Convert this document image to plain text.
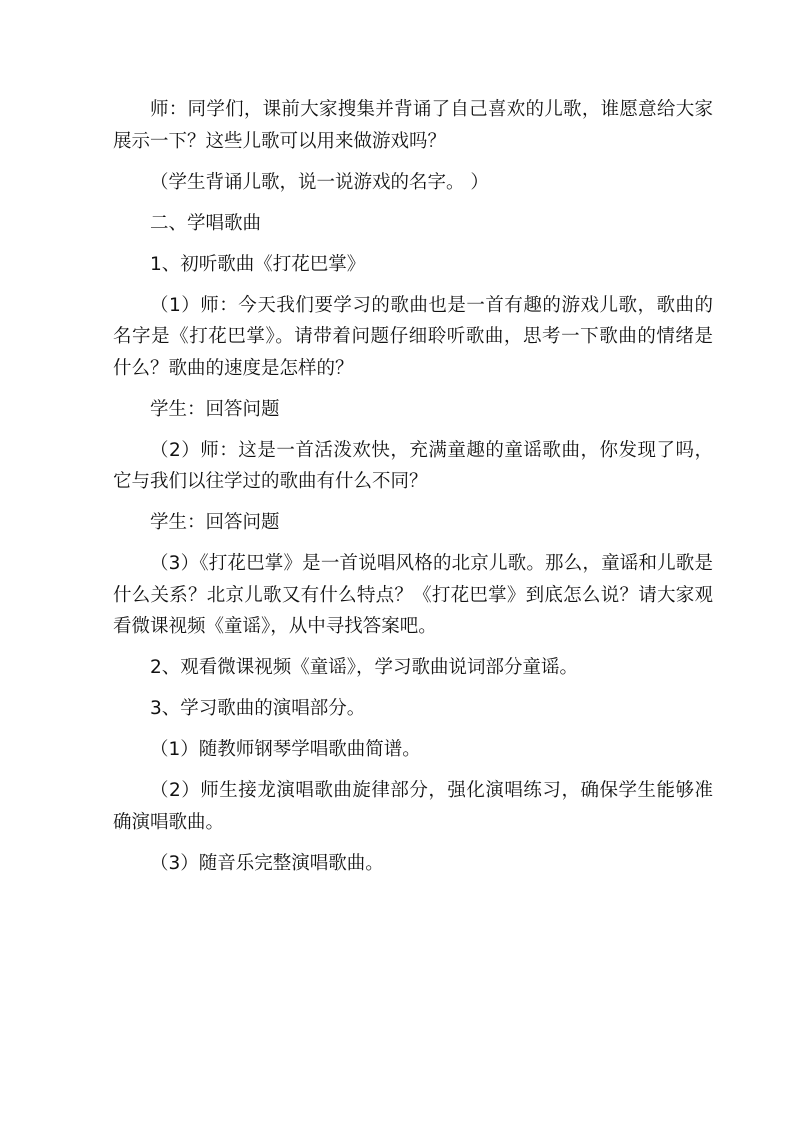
师：同学们，课前大家搜集并背诵了自己喜欢的儿歌，谁愿意给大家展示一下？这些儿歌可以用来做游戏吗？

（学生背诵儿歌，说一说游戏的名字。 ）

二、学唱歌曲

1、初听歌曲《打花巴掌》

（1）师：今天我们要学习的歌曲也是一首有趣的游戏儿歌，歌曲的名字是《打花巴掌》。请带着问题仔细聆听歌曲，思考一下歌曲的情绪是什么？歌曲的速度是怎样的？

学生：回答问题

（2）师：这是一首活泼欢快，充满童趣的童谣歌曲，你发现了吗，它与我们以往学过的歌曲有什么不同？

学生：回答问题

（3）《打花巴掌》是一首说唱风格的北京儿歌。那么，童谣和儿歌是什么关系？北京儿歌又有什么特点？《打花巴掌》到底怎么说？请大家观看微课视频《童谣》，从中寻找答案吧。

2、观看微课视频《童谣》，学习歌曲说词部分童谣。

3、学习歌曲的演唱部分。

（1）随教师钢琴学唱歌曲简谱。

（2）师生接龙演唱歌曲旋律部分，强化演唱练习，确保学生能够准确演唱歌曲。

（3）随音乐完整演唱歌曲。
